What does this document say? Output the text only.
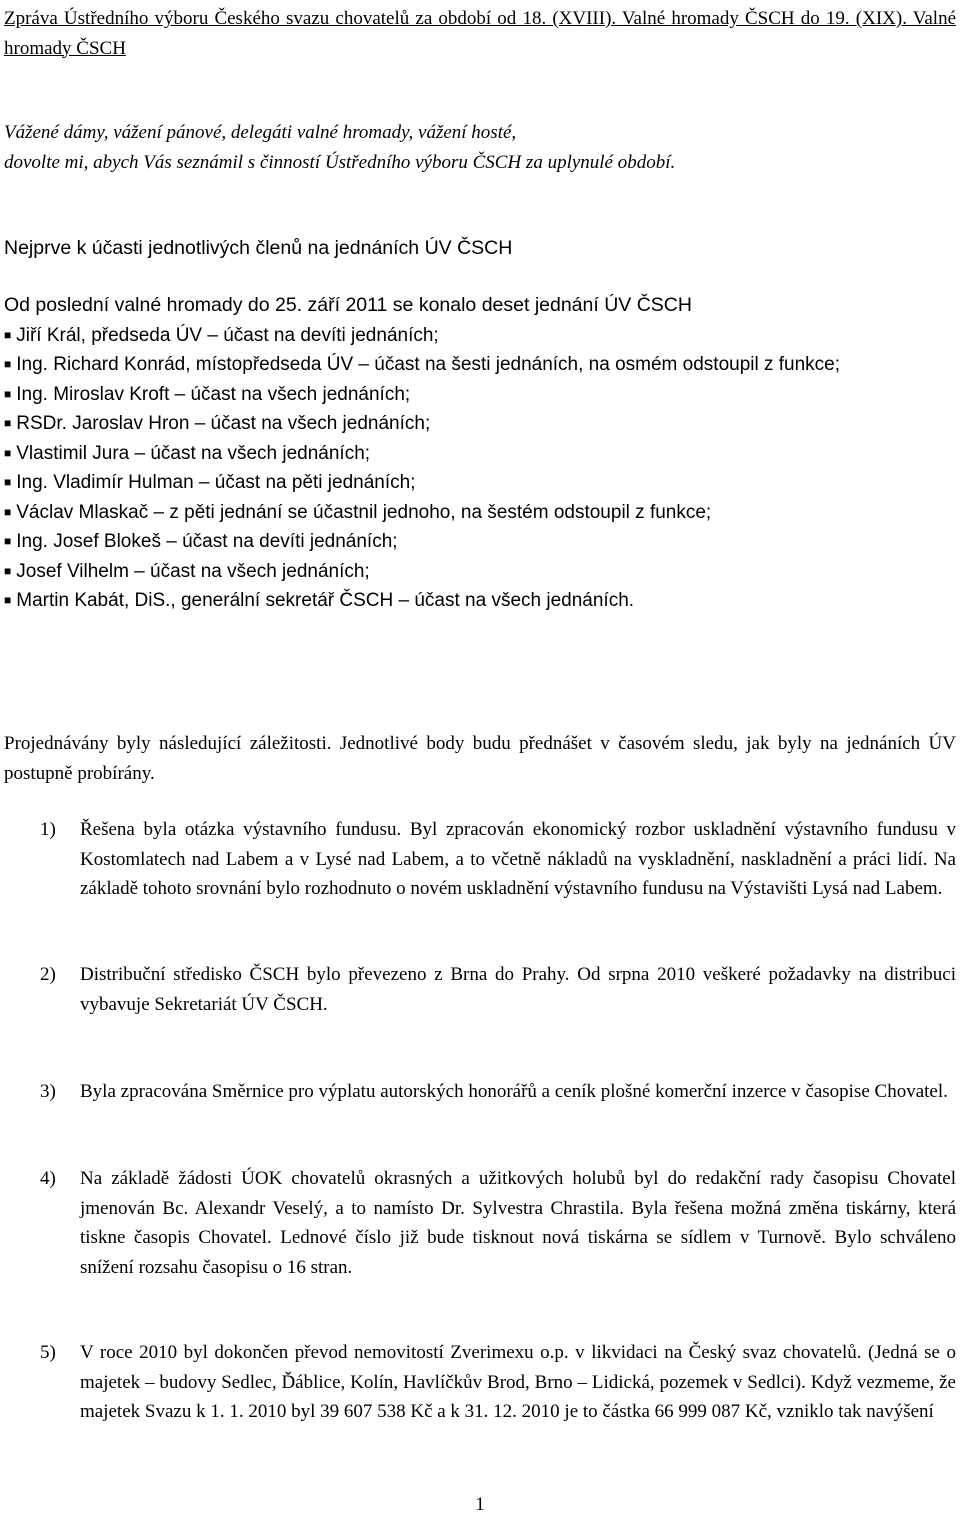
Zpráva Ústředního výboru Českého svazu chovatelů za období od 18. (XVIII). Valné hromady ČSCH do 19. (XIX). Valné hromady ČSCH
Vážené dámy, vážení pánové, delegáti valné hromady, vážení hosté,
dovolte mi, abych Vás seznámil s činností Ústředního výboru ČSCH za uplynulé období.
Nejprve k účasti jednotlivých členů na jednáních ÚV ČSCH
Od poslední valné hromady do 25. září 2011 se konalo deset jednání ÚV ČSCH
■ Jiří Král, předseda ÚV – účast na devíti jednáních;
■ Ing. Richard Konrád, místopředseda ÚV – účast na šesti jednáních, na osmém odstoupil z funkce;
■ Ing. Miroslav Kroft – účast na všech jednáních;
■ RSDr. Jaroslav Hron – účast na všech jednáních;
■ Vlastimil Jura – účast na všech jednáních;
■ Ing. Vladimír Hulman – účast na pěti jednáních;
■ Václav Mlaskač – z pěti jednání se účastnil jednoho, na šestém odstoupil z funkce;
■ Ing. Josef Blokeš – účast na devíti jednáních;
■ Josef Vilhelm – účast na všech jednáních;
■ Martin Kabát, DiS., generální sekretář ČSCH – účast na všech jednáních.
Projednávány byly následující záležitosti. Jednotlivé body budu přednášet v časovém sledu, jak byly na jednáních ÚV postupně probírány.
1) Řešena byla otázka výstavního fundusu. Byl zpracován ekonomický rozbor uskladnění výstavního fundusu v Kostomlatech nad Labem a v Lysé nad Labem, a to včetně nákladů na vyskladnění, naskladnění a práci lidí. Na základě tohoto srovnání bylo rozhodnuto o novém uskladnění výstavního fundusu na Výstavišti Lysá nad Labem.
2) Distribuční středisko ČSCH bylo převezeno z Brna do Prahy. Od srpna 2010 veškeré požadavky na distribuci vybavuje Sekretariát ÚV ČSCH.
3) Byla zpracována Směrnice pro výplatu autorských honorářů a ceník plošné komerční inzerce v časopise Chovatel.
4) Na základě žádosti ÚOK chovatelů okrasných a užitkových holubů byl do redakční rady časopisu Chovatel jmenován Bc. Alexandr Veselý, a to namísto Dr. Sylvestra Chrastila. Byla řešena možná změna tiskárny, která tiskne časopis Chovatel. Lednové číslo již bude tisknout nová tiskárna se sídlem v Turnově. Bylo schváleno snížení rozsahu časopisu o 16 stran.
5) V roce 2010 byl dokončen převod nemovitostí Zverimexu o.p. v likvidaci na Český svaz chovatelů. (Jedná se o majetek – budovy Sedlec, Ďáblice, Kolín, Havlíčkův Brod, Brno – Lidická, pozemek v Sedlci). Když vezmeme, že majetek Svazu k 1. 1. 2010 byl 39 607 538 Kč a k 31. 12. 2010 je to částka 66 999 087 Kč, vzniklo tak navýšení
1
